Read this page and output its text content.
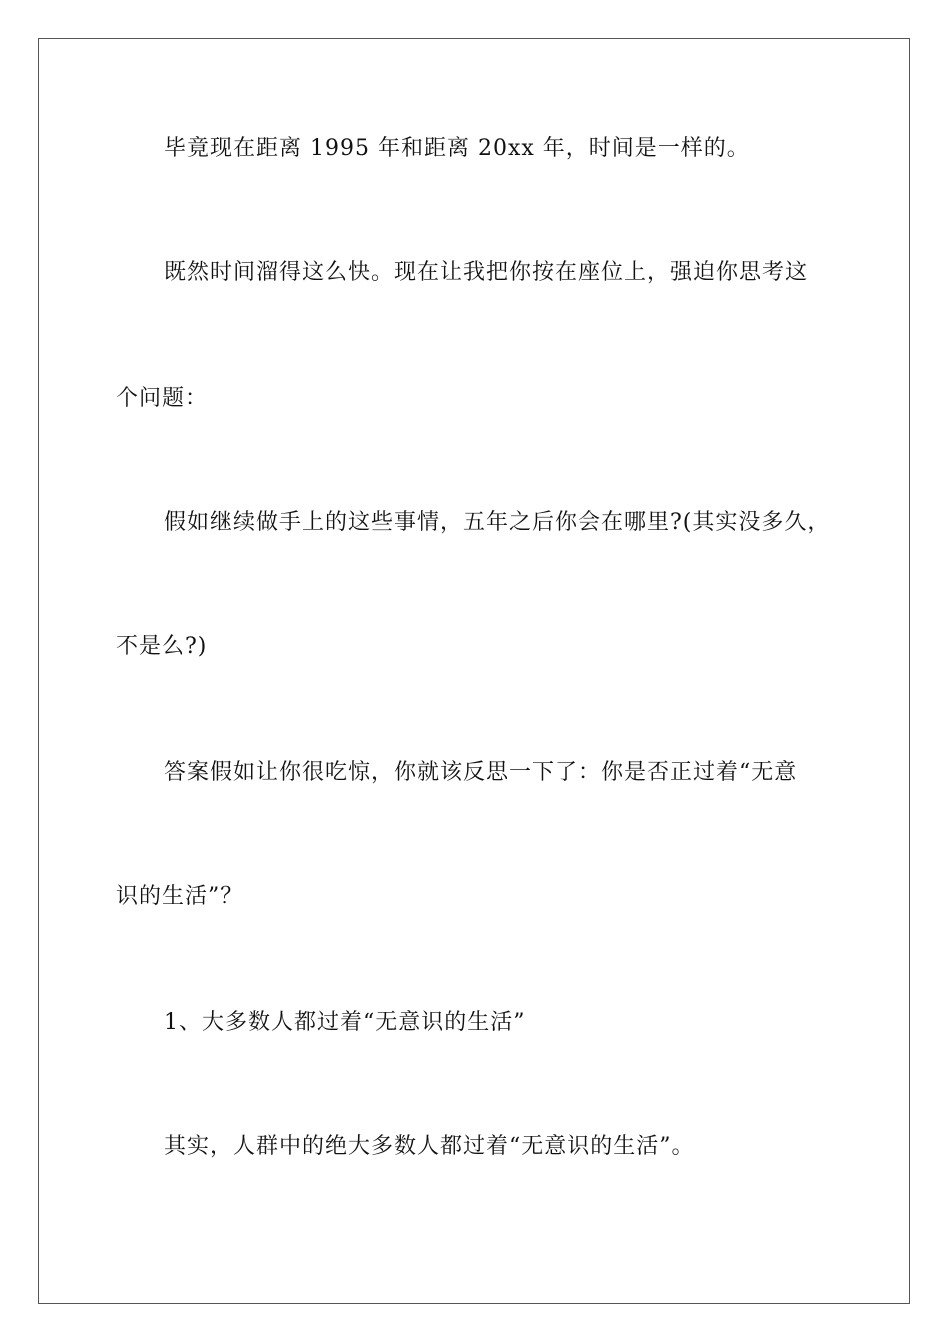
毕竟现在距离 1995 年和距离 20xx 年，时间是一样的。
既然时间溜得这么快。现在让我把你按在座位上，强迫你思考这
个问题：
假如继续做手上的这些事情，五年之后你会在哪里?(其实没多久，
不是么?)
答案假如让你很吃惊，你就该反思一下了：你是否正过着“无意
识的生活”？
1、大多数人都过着“无意识的生活”
其实，人群中的绝大多数人都过着“无意识的生活”。
